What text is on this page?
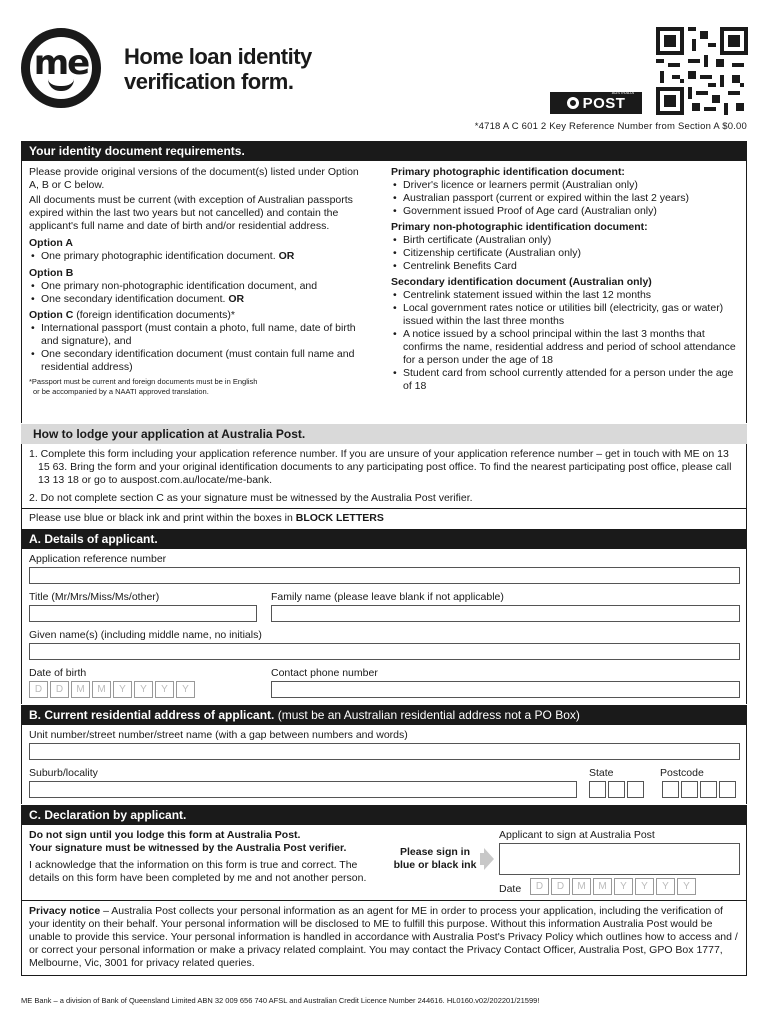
me Home loan identity
verification form.	AUSTRALIA
POST
*4718 A C 601 2 Key Reference Number from Section A $0.00
Your identity document requirements.
Please provide original versions of the document(s) listed under Option A, B or C below.
All documents must be current (with exception of Australian passports expired within the last two years but not cancelled) and contain the applicant's full name and date of birth and/or residential address.
Option A
• One primary photographic identification document. OR
Option B
• One primary non-photographic identification document, and
• One secondary identification document. OR
Option C (foreign identification documents)*
• International passport (must contain a photo, full name, date of birth and signature), and
• One secondary identification document (must contain full name and residential address)
*Passport must be current and foreign documents must be in English
or be accompanied by a NAATI approved translation.
Primary photographic identification document:
• Driver's licence or learners permit (Australian only)
• Australian passport (current or expired within the last 2 years)
• Government issued Proof of Age card (Australian only)
Primary non-photographic identification document:
• Birth certificate (Australian only)
• Citizenship certificate (Australian only)
• Centrelink Benefits Card
Secondary identification document (Australian only)
• Centrelink statement issued within the last 12 months
• Local government rates notice or utilities bill (electricity, gas or water) issued within the last three months
• A notice issued by a school principal within the last 3 months that confirms the name, residential address and period of school attendance for a person under the age of 18
• Student card from school currently attended for a person under the age of 18
How to lodge your application at Australia Post.
1. Complete this form including your application reference number. If you are unsure of your application reference number – get in touch with ME on 13 15 63. Bring the form and your original identification documents to any participating post office. To find the nearest participating post office, please call 13 13 18 or go to auspost.com.au/locate/me-bank.
2. Do not complete section C as your signature must be witnessed by the Australia Post verifier.
Please use blue or black ink and print within the boxes in BLOCK LETTERS
A. Details of applicant.
Application reference number
Title (Mr/Mrs/Miss/Ms/other)	Family name (please leave blank if not applicable)
Given name(s) (including middle name, no initials)
Date of birth
D	D	M	M	Y	Y	Y	Y
Contact phone number
B. Current residential address of applicant. (must be an Australian residential address not a PO Box)
Unit number/street number/street name (with a gap between numbers and words)
Suburb/locality	State	Postcode
C. Declaration by applicant.
Do not sign until you lodge this form at Australia Post.
Your signature must be witnessed by the Australia Post verifier.
I acknowledge that the information on this form is true and correct. The details on this form have been completed by me and not another person.
Please sign in
blue or black ink
Applicant to sign at Australia Post
Date	D	D	M	M	Y	Y	Y	Y
Privacy notice – Australia Post collects your personal information as an agent for ME in order to process your application, including the verification of your identity on their behalf. Your personal information will be disclosed to ME to fulfill this purpose. Without this information Australia Post would be unable to provide this service. Your personal information is handled in accordance with Australia Post's Privacy Policy which outlines how to access and / or correct your personal information or make a privacy related complaint. You may contact the Privacy Contact Officer, Australia Post, GPO Box 1777, Melbourne, Vic, 3001 for privacy related queries.
ME Bank – a division of Bank of Queensland Limited ABN 32 009 656 740 AFSL and Australian Credit Licence Number 244616. HL0160.v02/202201/21599!
